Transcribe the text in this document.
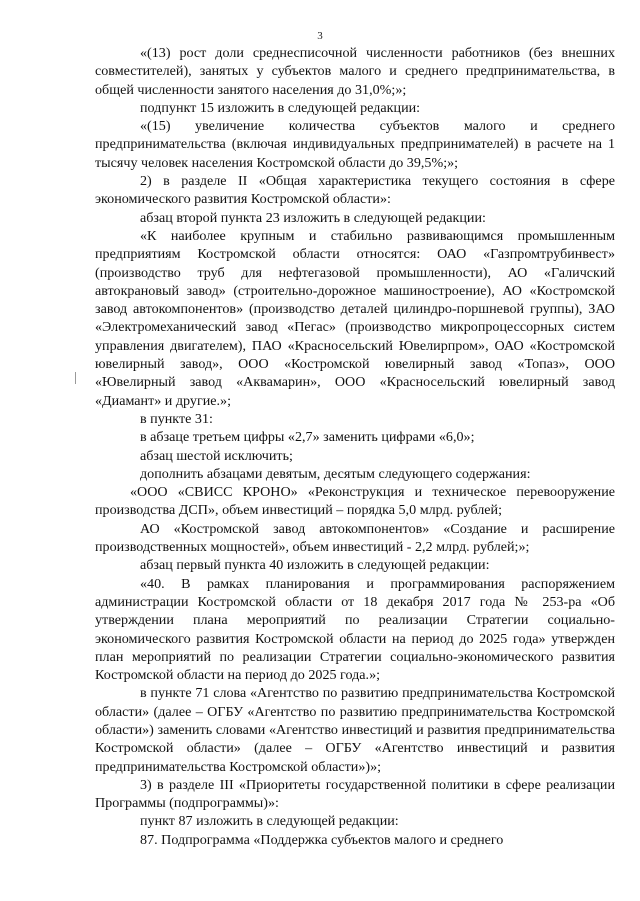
3

«(13) рост доли среднесписочной численности работников (без внешних совместителей), занятых у субъектов малого и среднего предпринимательства, в общей численности занятого населения до 31,0%;»;

подпункт 15 изложить в следующей редакции:

«(15) увеличение количества субъектов малого и среднего предпринимательства (включая индивидуальных предпринимателей) в расчете на 1 тысячу человек населения Костромской области до 39,5%;»;

2) в разделе II «Общая характеристика текущего состояния в сфере экономического развития Костромской области»:

абзац второй пункта 23 изложить в следующей редакции:

«К наиболее крупным и стабильно развивающимся промышленным предприятиям Костромской области относятся: ОАО «Газпромтрубинвест» (производство труб для нефтегазовой промышленности), АО «Галичский автокрановый завод» (строительно-дорожное машиностроение), АО «Костромской завод автокомпонентов» (производство деталей цилиндро-поршневой группы), ЗАО «Электромеханический завод «Пегас» (производство микропроцессорных систем управления двигателем), ПАО «Красносельский Ювелирпром», ОАО «Костромской ювелирный завод», ООО «Костромской ювелирный завод «Топаз», ООО «Ювелирный завод «Аквамарин», ООО «Красносельский ювелирный завод «Диамант» и другие.»;

в пункте 31:

в абзаце третьем цифры «2,7» заменить цифрами «6,0»;

абзац шестой исключить;

дополнить абзацами девятым, десятым следующего содержания:

«ООО «СВИСС КРОНО» «Реконструкция и техническое перевооружение производства ДСП», объем инвестиций – порядка 5,0 млрд. рублей;

АО «Костромской завод автокомпонентов» «Создание и расширение производственных мощностей», объем инвестиций - 2,2 млрд. рублей;»;

абзац первый пункта 40 изложить в следующей редакции:

«40. В рамках планирования и программирования распоряжением администрации Костромской области от 18 декабря 2017 года № 253-ра «Об утверждении плана мероприятий по реализации Стратегии социально-экономического развития Костромской области на период до 2025 года» утвержден план мероприятий по реализации Стратегии социально-экономического развития Костромской области на период до 2025 года.»;

в пункте 71 слова «Агентство по развитию предпринимательства Костромской области» (далее – ОГБУ «Агентство по развитию предпринимательства Костромской области») заменить словами «Агентство инвестиций и развития предпринимательства Костромской области» (далее – ОГБУ «Агентство инвестиций и развития предпринимательства Костромской области»)»;

3) в разделе III «Приоритеты государственной политики в сфере реализации Программы (подпрограммы)»:

пункт 87 изложить в следующей редакции:

87. Подпрограмма «Поддержка субъектов малого и среднего
